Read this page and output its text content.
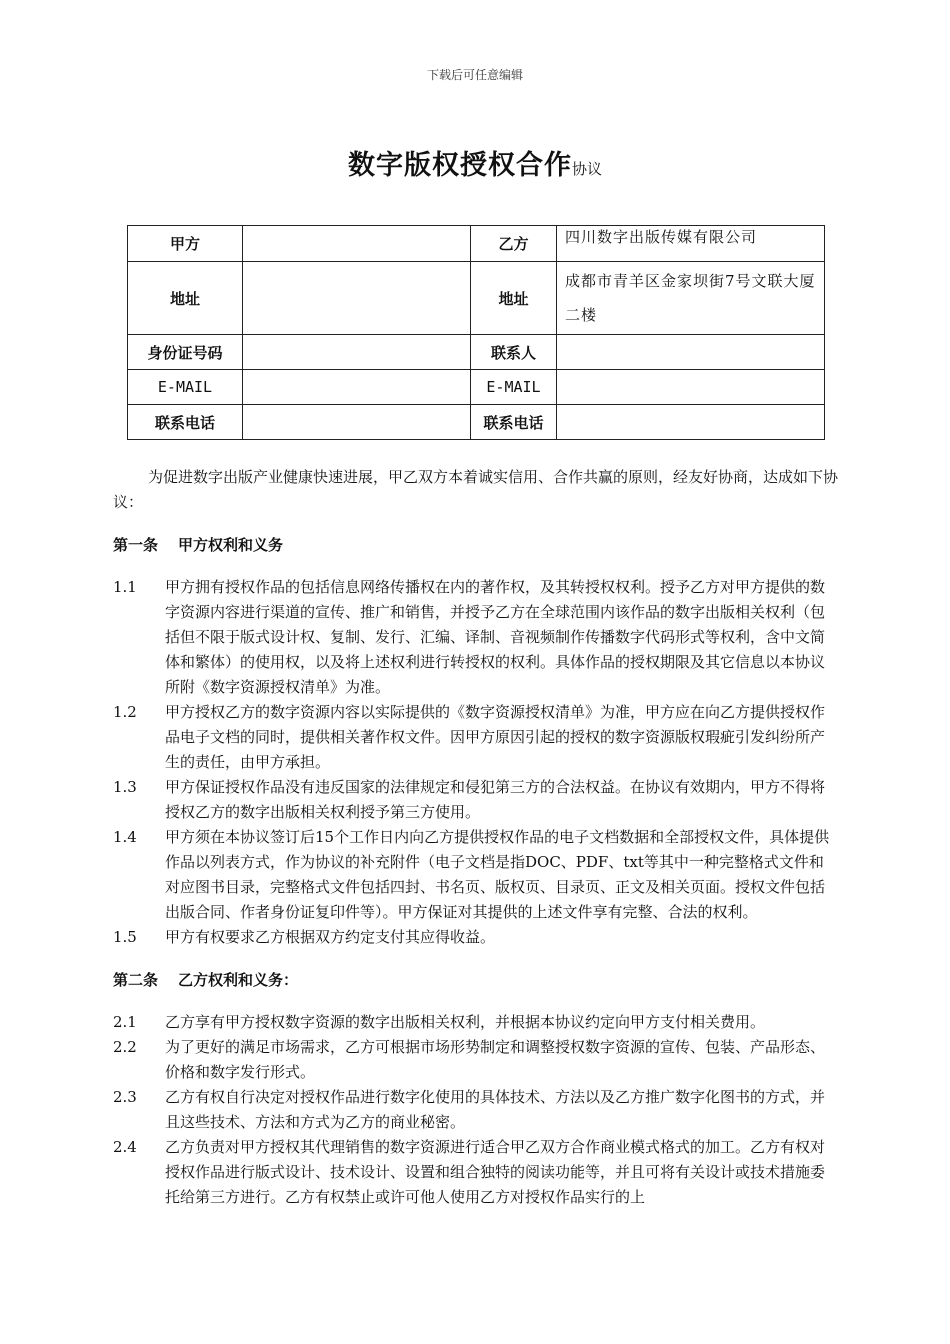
下载后可任意编辑
数字版权授权合作协议
甲方		乙方	四川数字出版传媒有限公司
地址		地址	成都市青羊区金家坝街7号文联大厦二楼
身份证号码		联系人	
E-MAIL		E-MAIL	
联系电话		联系电话	

为促进数字出版产业健康快速进展，甲乙双方本着诚实信用、合作共赢的原则，经友好协商，达成如下协议：

第一条 甲方权利和义务

1.1	甲方拥有授权作品的包括信息网络传播权在内的著作权，及其转授权权利。授予乙方对甲方提供的数字资源内容进行渠道的宣传、推广和销售，并授予乙方在全球范围内该作品的数字出版相关权利（包括但不限于版式设计权、复制、发行、汇编、译制、音视频制作传播数字代码形式等权利，含中文简体和繁体）的使用权，以及将上述权利进行转授权的权利。具体作品的授权期限及其它信息以本协议所附《数字资源授权清单》为准。

1.2	甲方授权乙方的数字资源内容以实际提供的《数字资源授权清单》为准，甲方应在向乙方提供授权作品电子文档的同时，提供相关著作权文件。因甲方原因引起的授权的数字资源版权瑕疵引发纠纷所产生的责任，由甲方承担。

1.3	甲方保证授权作品没有违反国家的法律规定和侵犯第三方的合法权益。在协议有效期内，甲方不得将授权乙方的数字出版相关权利授予第三方使用。

1.4	甲方须在本协议签订后15个工作日内向乙方提供授权作品的电子文档数据和全部授权文件，具体提供作品以列表方式，作为协议的补充附件（电子文档是指DOC、PDF、txt等其中一种完整格式文件和对应图书目录，完整格式文件包括四封、书名页、版权页、目录页、正文及相关页面。授权文件包括出版合同、作者身份证复印件等）。甲方保证对其提供的上述文件享有完整、合法的权利。

1.5	甲方有权要求乙方根据双方约定支付其应得收益。

第二条 乙方权利和义务：

2.1	乙方享有甲方授权数字资源的数字出版相关权利，并根据本协议约定向甲方支付相关费用。

2.2	为了更好的满足市场需求，乙方可根据市场形势制定和调整授权数字资源的宣传、包装、产品形态、价格和数字发行形式。

2.3	乙方有权自行决定对授权作品进行数字化使用的具体技术、方法以及乙方推广数字化图书的方式，并且这些技术、方法和方式为乙方的商业秘密。

2.4	乙方负责对甲方授权其代理销售的数字资源进行适合甲乙双方合作商业模式格式的加工。乙方有权对授权作品进行版式设计、技术设计、设置和组合独特的阅读功能等，并且可将有关设计或技术措施委托给第三方进行。乙方有权禁止或许可他人使用乙方对授权作品实行的上
